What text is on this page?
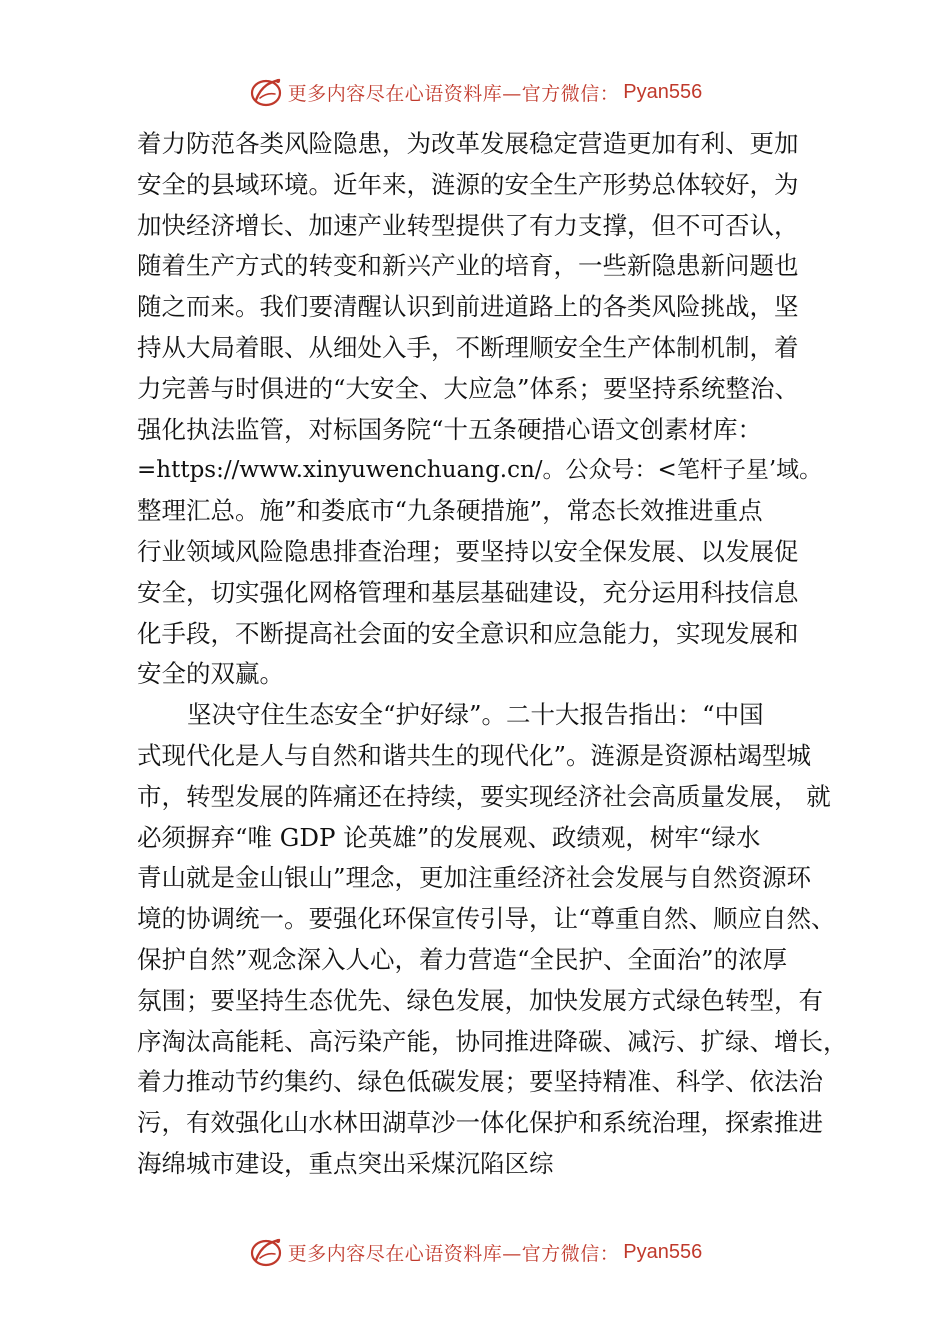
更多内容尽在心语资料库—官方微信： Pyan556
着力防范各类风险隐患，为改革发展稳定营造更加有利、更加
安全的县域环境。近年来，涟源的安全生产形势总体较好，为
加快经济增长、加速产业转型提供了有力支撑，但不可否认，
随着生产方式的转变和新兴产业的培育，一些新隐患新问题也
随之而来。我们要清醒认识到前进道路上的各类风险挑战，坚
持从大局着眼、从细处入手，不断理顺安全生产体制机制，着
力完善与时俱进的“大安全、大应急”体系；要坚持系统整治、
强化执法监管，对标国务院“十五条硬措心语文创素材库：
=https://www.xinyuwenchuang.cn/。公众号：<笔杆子星’域。
整理汇总。施”和娄底市“九条硬措施”，常态长效推进重点
行业领域风险隐患排查治理；要坚持以安全保发展、以发展促
安全，切实强化网格管理和基层基础建设，充分运用科技信息
化手段，不断提高社会面的安全意识和应急能力，实现发展和
安全的双赢。
坚决守住生态安全“护好绿”。二十大报告指出：“中国
式现代化是人与自然和谐共生的现代化”。涟源是资源枯竭型城
市，转型发展的阵痛还在持续，要实现经济社会高质量发展， 就
必须摒弃“唯 GDP 论英雄”的发展观、政绩观，树牢“绿水
青山就是金山银山”理念，更加注重经济社会发展与自然资源环
境的协调统一。要强化环保宣传引导，让“尊重自然、顺应自然、
保护自然”观念深入人心，着力营造“全民护、全面治”的浓厚
氛围；要坚持生态优先、绿色发展，加快发展方式绿色转型，有
序淘汰高能耗、高污染产能，协同推进降碳、减污、扩绿、增长，
着力推动节约集约、绿色低碳发展；要坚持精准、科学、依法治
污，有效强化山水林田湖草沙一体化保护和系统治理，探索推进
海绵城市建设，重点突出采煤沉陷区综
更多内容尽在心语资料库—官方微信： Pyan556
